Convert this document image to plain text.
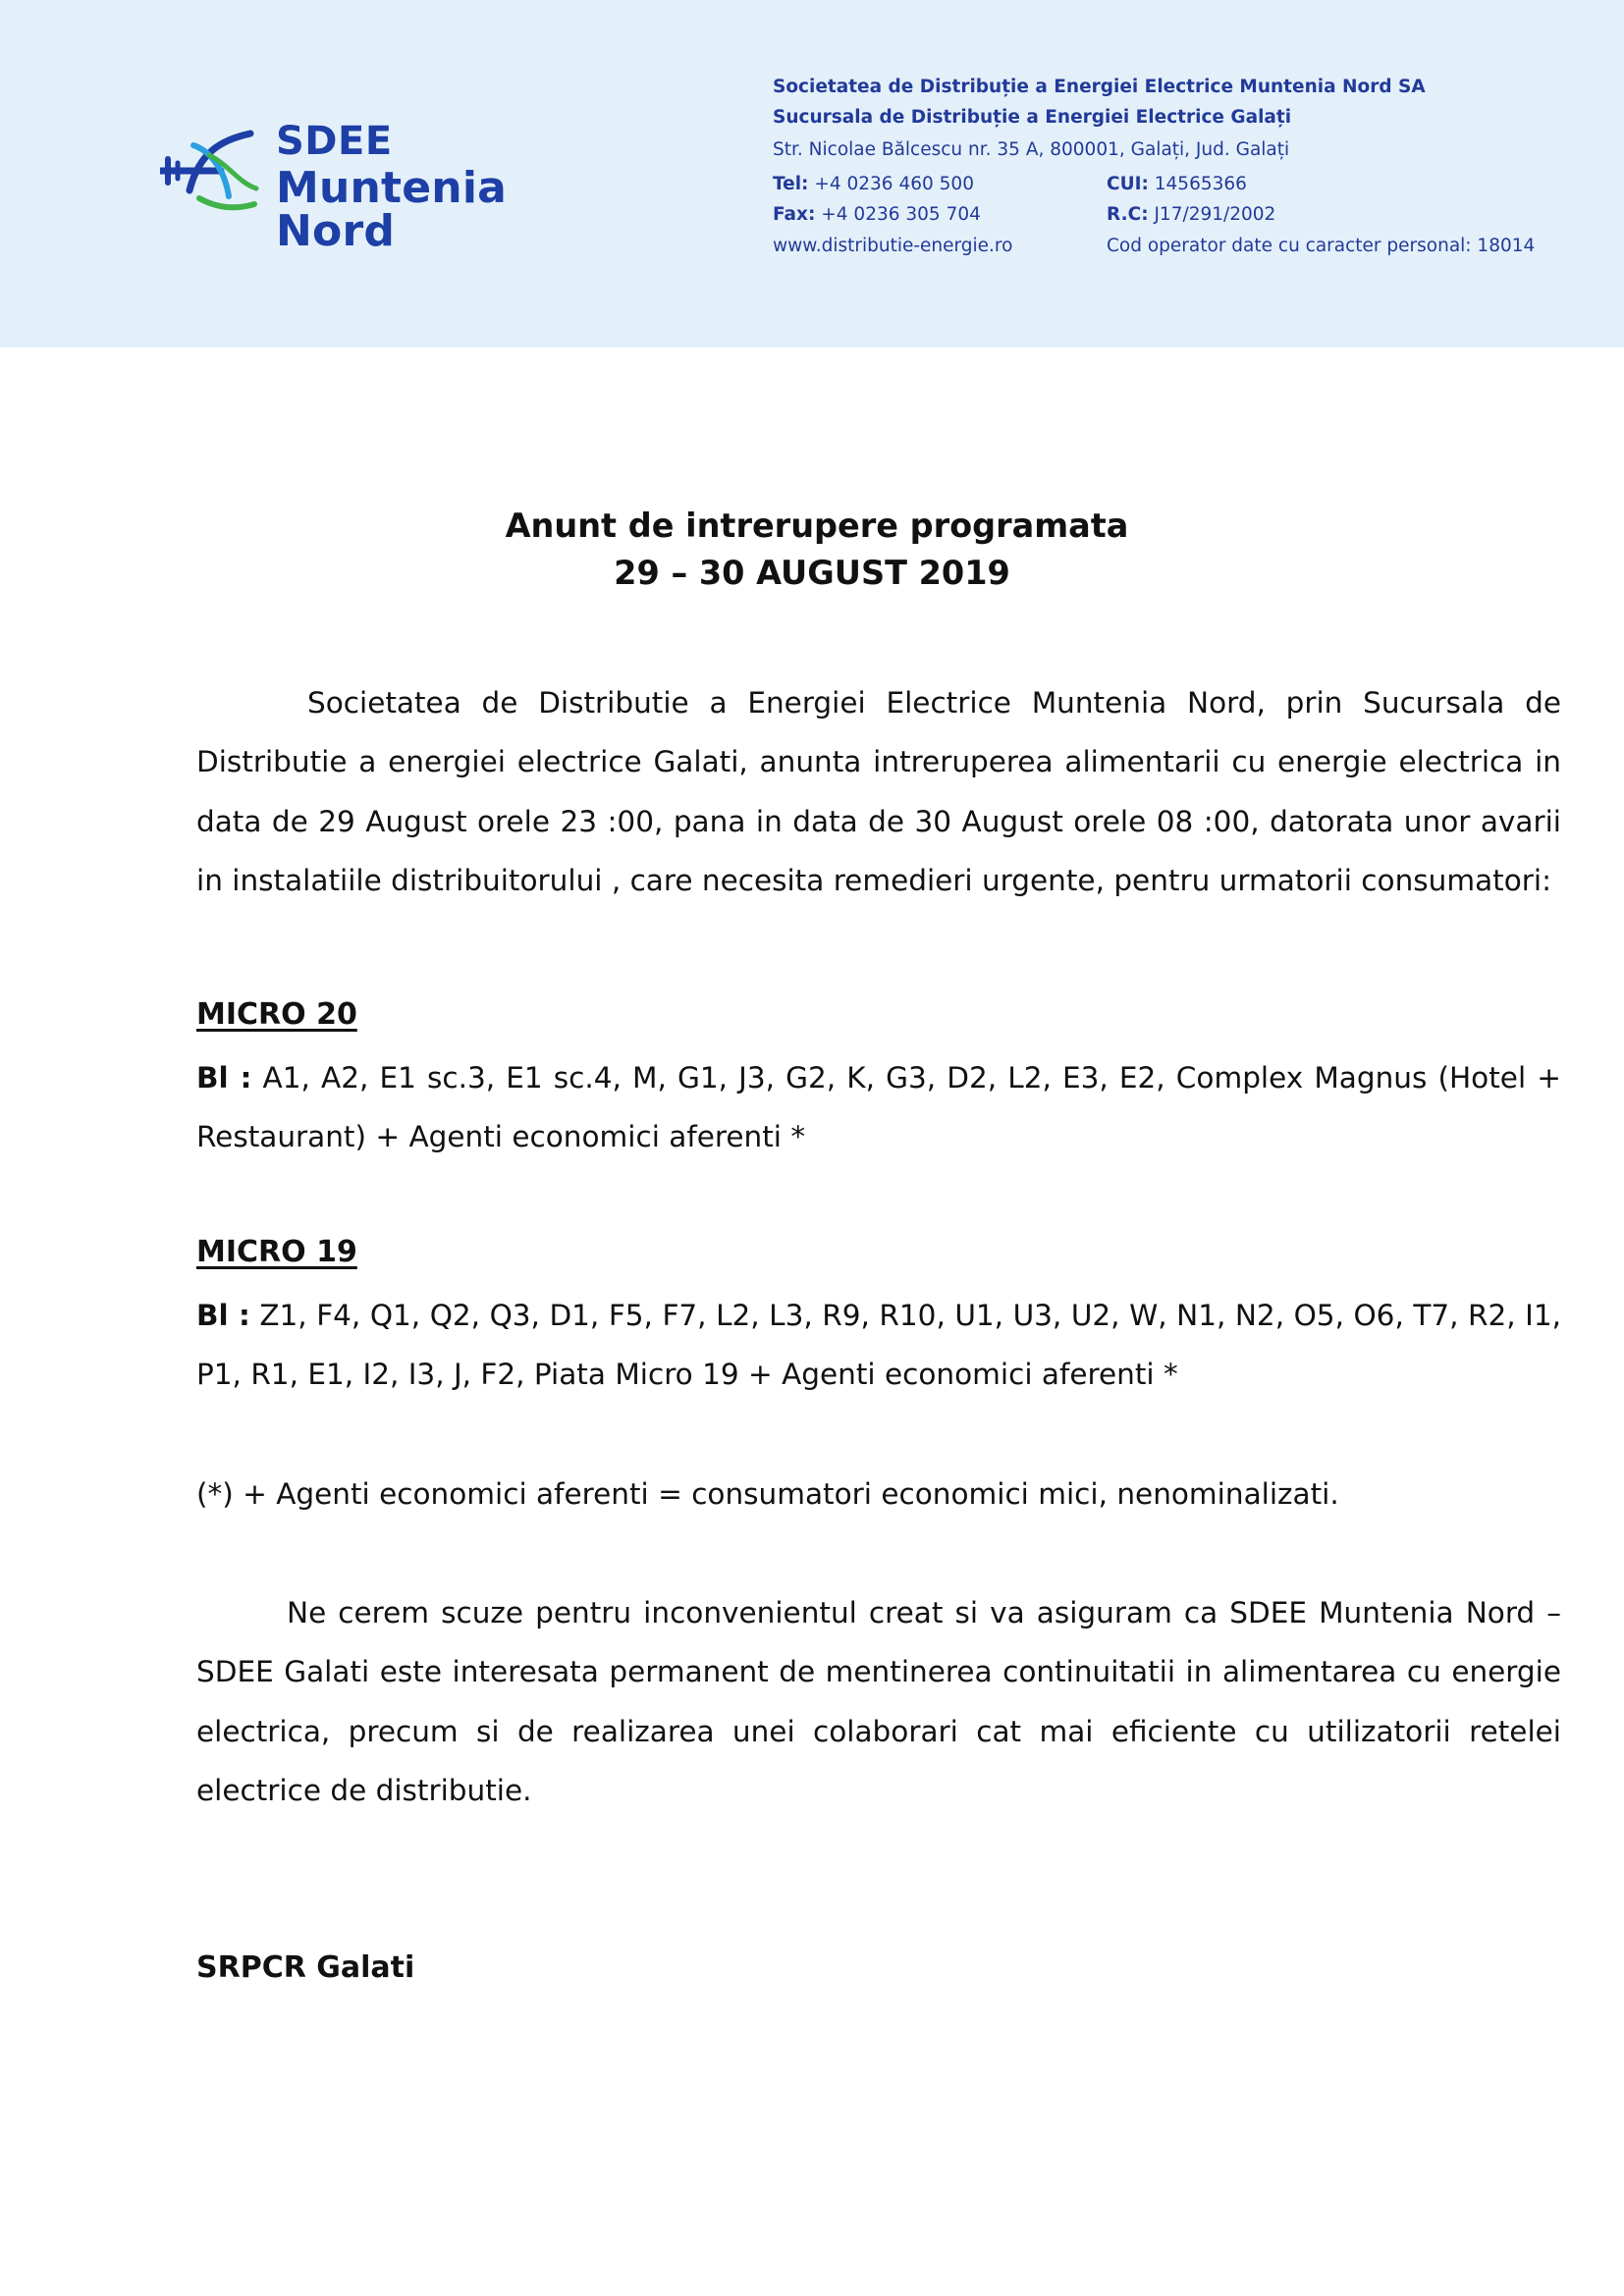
SDEE
Muntenia Nord
Societatea de Distribuție a Energiei Electrice Muntenia Nord SA
Sucursala de Distribuție a Energiei Electrice Galați
Str. Nicolae Bălcescu nr. 35 A, 800001, Galați, Jud. Galați
Tel: +4 0236 460 500	CUI: 14565366
Fax: +4 0236 305 704	R.C: J17/291/2002
www.distributie-energie.ro	Cod operator date cu caracter personal: 18014
Anunt de intrerupere programata
29 – 30 AUGUST 2019
Societatea de Distributie a Energiei Electrice Muntenia Nord, prin Sucursala de Distributie a energiei electrice Galati, anunta intreruperea alimentarii cu energie electrica in data de 29 August orele 23 :00, pana in data de 30 August orele 08 :00, datorata unor avarii in instalatiile distribuitorului , care necesita remedieri urgente, pentru urmatorii consumatori:
MICRO 20
Bl : A1, A2, E1 sc.3, E1 sc.4, M, G1, J3, G2, K, G3, D2, L2, E3, E2, Complex Magnus (Hotel + Restaurant) + Agenti economici aferenti *
MICRO 19
Bl : Z1, F4, Q1, Q2, Q3, D1, F5, F7, L2, L3, R9, R10, U1, U3, U2, W, N1, N2, O5, O6, T7, R2, I1, P1, R1, E1, I2, I3, J, F2, Piata Micro 19 + Agenti economici aferenti *
(*) + Agenti economici aferenti = consumatori economici mici, nenominalizati.
Ne cerem scuze pentru inconvenientul creat si va asiguram ca SDEE Muntenia Nord – SDEE Galati este interesata permanent de mentinerea continuitatii in alimentarea cu energie electrica, precum si de realizarea unei colaborari cat mai eficiente cu utilizatorii retelei electrice de distributie.
SRPCR Galati
